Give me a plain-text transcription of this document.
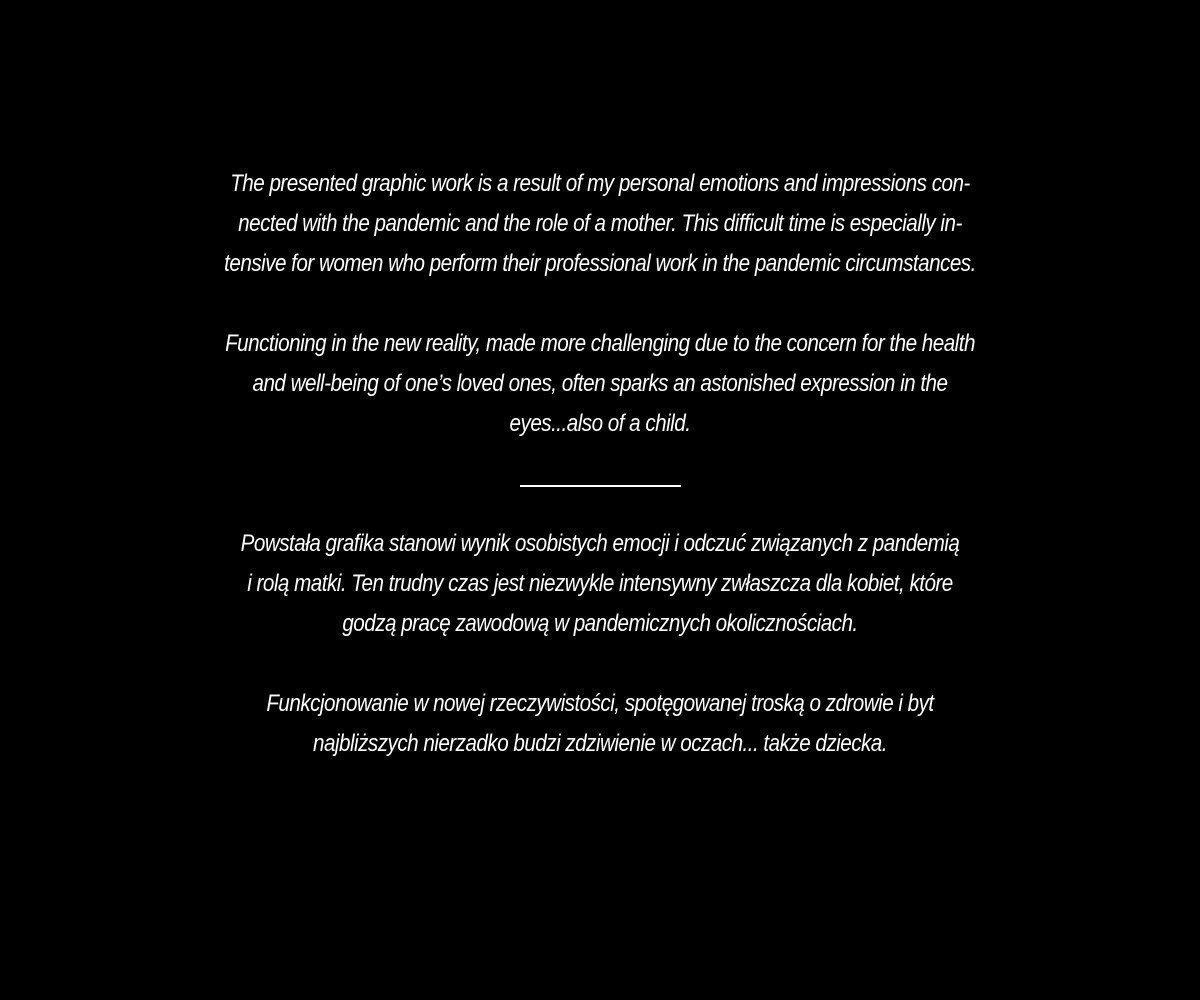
The presented graphic work is a result of my personal emotions and impressions con-
nected with the pandemic and the role of a mother. This difficult time is especially in-
tensive for women who perform their professional work in the pandemic circumstances.
Functioning in the new reality, made more challenging due to the concern for the health
and well-being of one’s loved ones, often sparks an astonished expression in the
eyes...also of a child.
Powstała grafika stanowi wynik osobistych emocji i odczuć związanych z pandemią
i rolą matki. Ten trudny czas jest niezwykle intensywny zwłaszcza dla kobiet, które
godzą pracę zawodową w pandemicznych okolicznościach.
Funkcjonowanie w nowej rzeczywistości, spotęgowanej troską o zdrowie i byt
najbliższych nierzadko budzi zdziwienie w oczach... także dziecka.
